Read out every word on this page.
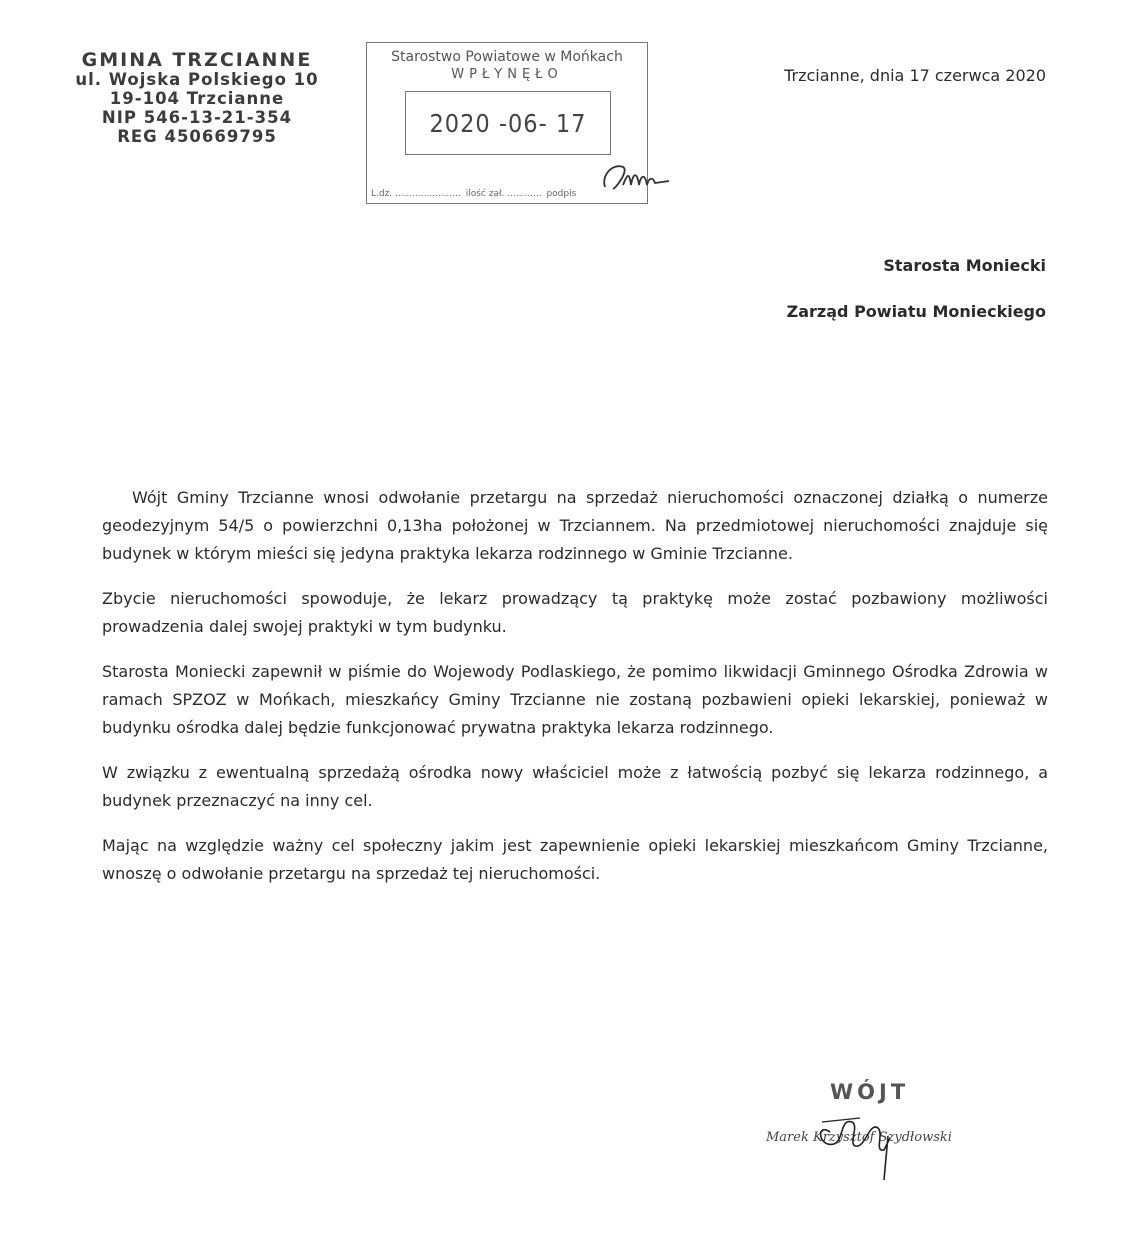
GMINA TRZCIANNE
ul. Wojska Polskiego 10
19-104 Trzcianne
NIP 546-13-21-354
REG 450669795
Starostwo Powiatowe w Mońkach
WPŁYNĘŁO
2020 -06- 17
L.dz. ....................... ilość zał. ............ podpis
Trzcianne, dnia 17 czerwca 2020
Starosta Moniecki
Zarząd Powiatu Monieckiego

Wójt Gminy Trzcianne wnosi odwołanie przetargu na sprzedaż nieruchomości oznaczonej działką o numerze geodezyjnym 54/5 o powierzchni 0,13ha położonej w Trzciannem. Na przedmiotowej nieruchomości znajduje się budynek w którym mieści się jedyna praktyka lekarza rodzinnego w Gminie Trzcianne.

Zbycie nieruchomości spowoduje, że lekarz prowadzący tą praktykę może zostać pozbawiony możliwości prowadzenia dalej swojej praktyki w tym budynku.

Starosta Moniecki zapewnił w piśmie do Wojewody Podlaskiego, że pomimo likwidacji Gminnego Ośrodka Zdrowia w ramach SPZOZ w Mońkach, mieszkańcy Gminy Trzcianne nie zostaną pozbawieni opieki lekarskiej, ponieważ w budynku ośrodka dalej będzie funkcjonować prywatna praktyka lekarza rodzinnego.

W związku z ewentualną sprzedażą ośrodka nowy właściciel może z łatwością pozbyć się lekarza rodzinnego, a budynek przeznaczyć na inny cel.

Mając na względzie ważny cel społeczny jakim jest zapewnienie opieki lekarskiej mieszkańcom Gminy Trzcianne, wnoszę o odwołanie przetargu na sprzedaż tej nieruchomości.

WÓJT
Marek Krzysztof Szydłowski
